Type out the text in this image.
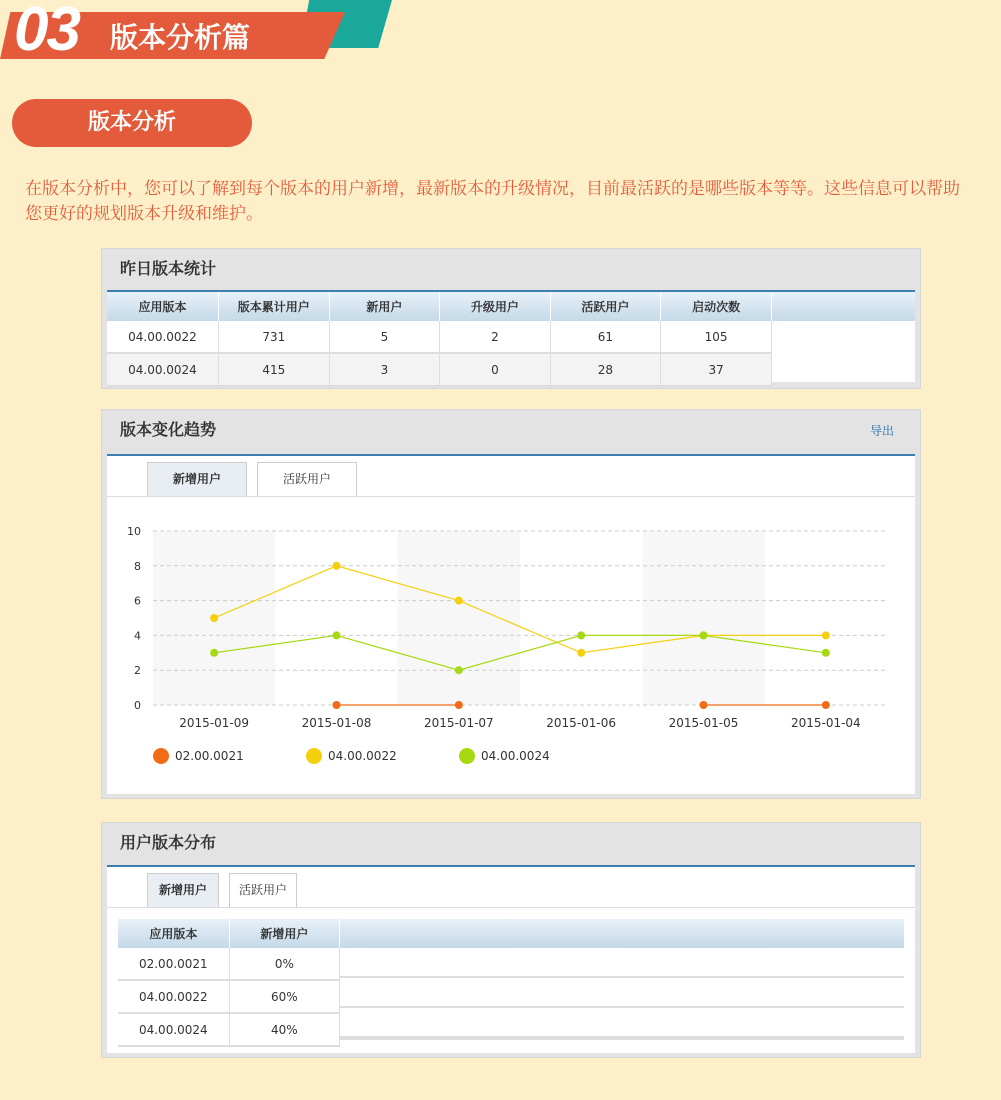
03 版本分析篇
版本分析
在版本分析中，您可以了解到每个版本的用户新增，最新版本的升级情况，目前最活跃的是哪些版本等等。这些信息可以帮助您更好的规划版本升级和维护。
昨日版本统计
应用版本	版本累计用户	新用户	升级用户	活跃用户	启动次数
04.00.0022	731	5	2	61	105
04.00.0024	415	3	0	28	37
版本变化趋势	导出
新增用户	活跃用户
0
2
4
6
8
10
2015-01-09	2015-01-08	2015-01-07	2015-01-06	2015-01-05	2015-01-04
02.00.0021	04.00.0022	04.00.0024
用户版本分布
新增用户	活跃用户
应用版本	新增用户
02.00.0021	0%
04.00.0022	60%
04.00.0024	40%
